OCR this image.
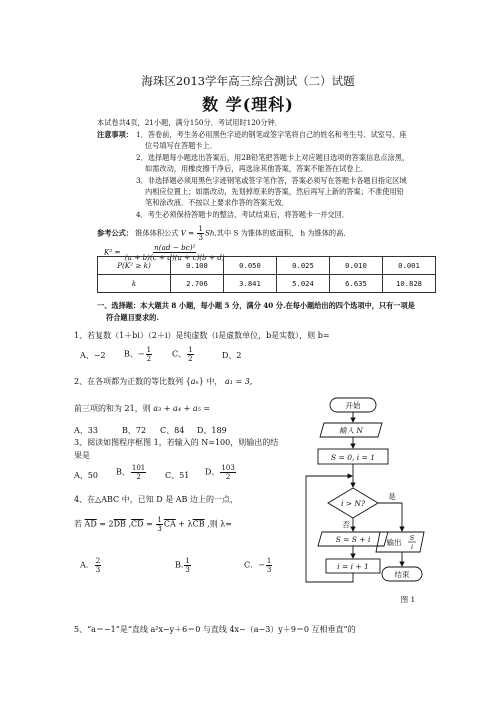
海珠区2013学年高三综合测试（二）试题
数 学(理科)
本试卷共4页，21小题，满分150分．考试用时120分钟．
注意事项： 1．答卷前，考生务必用黑色字迹的钢笔或签字笔将自己的姓名和考生号、试室号、座
位号填写在答题卡上．
2．选择题每小题选出答案后，用2B铅笔把答题卡上对应题目选项的答案信息点涂黑，
如需改动，用橡皮擦干净后，再选涂其他答案，答案不能答在试卷上．
3．非选择题必须用黑色字迹钢笔或签字笔作答，答案必须写在答题卡各题目指定区域
内相应位置上；如需改动，先划掉原来的答案，然后再写上新的答案；不准使用铅
笔和涂改液．不按以上要求作答的答案无效．
4．考生必须保持答题卡的整洁，考试结束后，将答题卡一并交回．
参考公式： 锥体体积公式 $V = \frac{1}{3} Sh$,其中 S 为锥体的底面积， h 为锥体的高．
$K^2 = \frac{\text{n(ad − bc)²}}{(a + b)(c + d)(a + c)(b + d)}$
P(K² ≥ k)	0.100	0.050	0.025	0.010	0.001
k	2.706	3.841	5.024	6.635	10.828
一、选择题：本大题共 8 小题，每小题 5 分，满分 40 分.在每小题给出的四个选项中，只有一项是
符合题目要求的.
1、若复数（1＋bi）（2＋i）是纯虚数（i是虚数单位，b是实数），则 b=
A、−2 B、− $\frac{1}{2}$ C、 $\frac{1}{2}$	D、2
2、在各项都为正数的等比数列 {aₙ} 中， a₁ = 3,
前三项的和为 21，则 a₃ + a₄ + a₅ =
A、33	B、72 C、84 D、189
3、阅读如图程序框图 1，若输入的 N=100，则输出的结
果是
A、50 B、 $\frac{101}{2}$ C、51 D、 $\frac{103}{2}$
4、在△ABC 中，已知 D 是 AB 边上的一点，
若 $\overline{AD} = 2\overline{DB}$ $,\overline{CD} = \frac{1}{3} \overline{CA} + \lambda\overline{CB}$ ,则 λ=
A． $\frac{2}{3}$	B. $\frac{1}{3}$	C．− $\frac{1}{3}$
5、“a＝−1”是“直线 a²x−y＋6＝0 与直线 4x−（a−3）y＋9＝0 互相垂直”的
开始
输入 N
S = 0, i = 1
i > N?
是
否
S = S + i
i = i + 1
输出 S
i
结束
图 1
